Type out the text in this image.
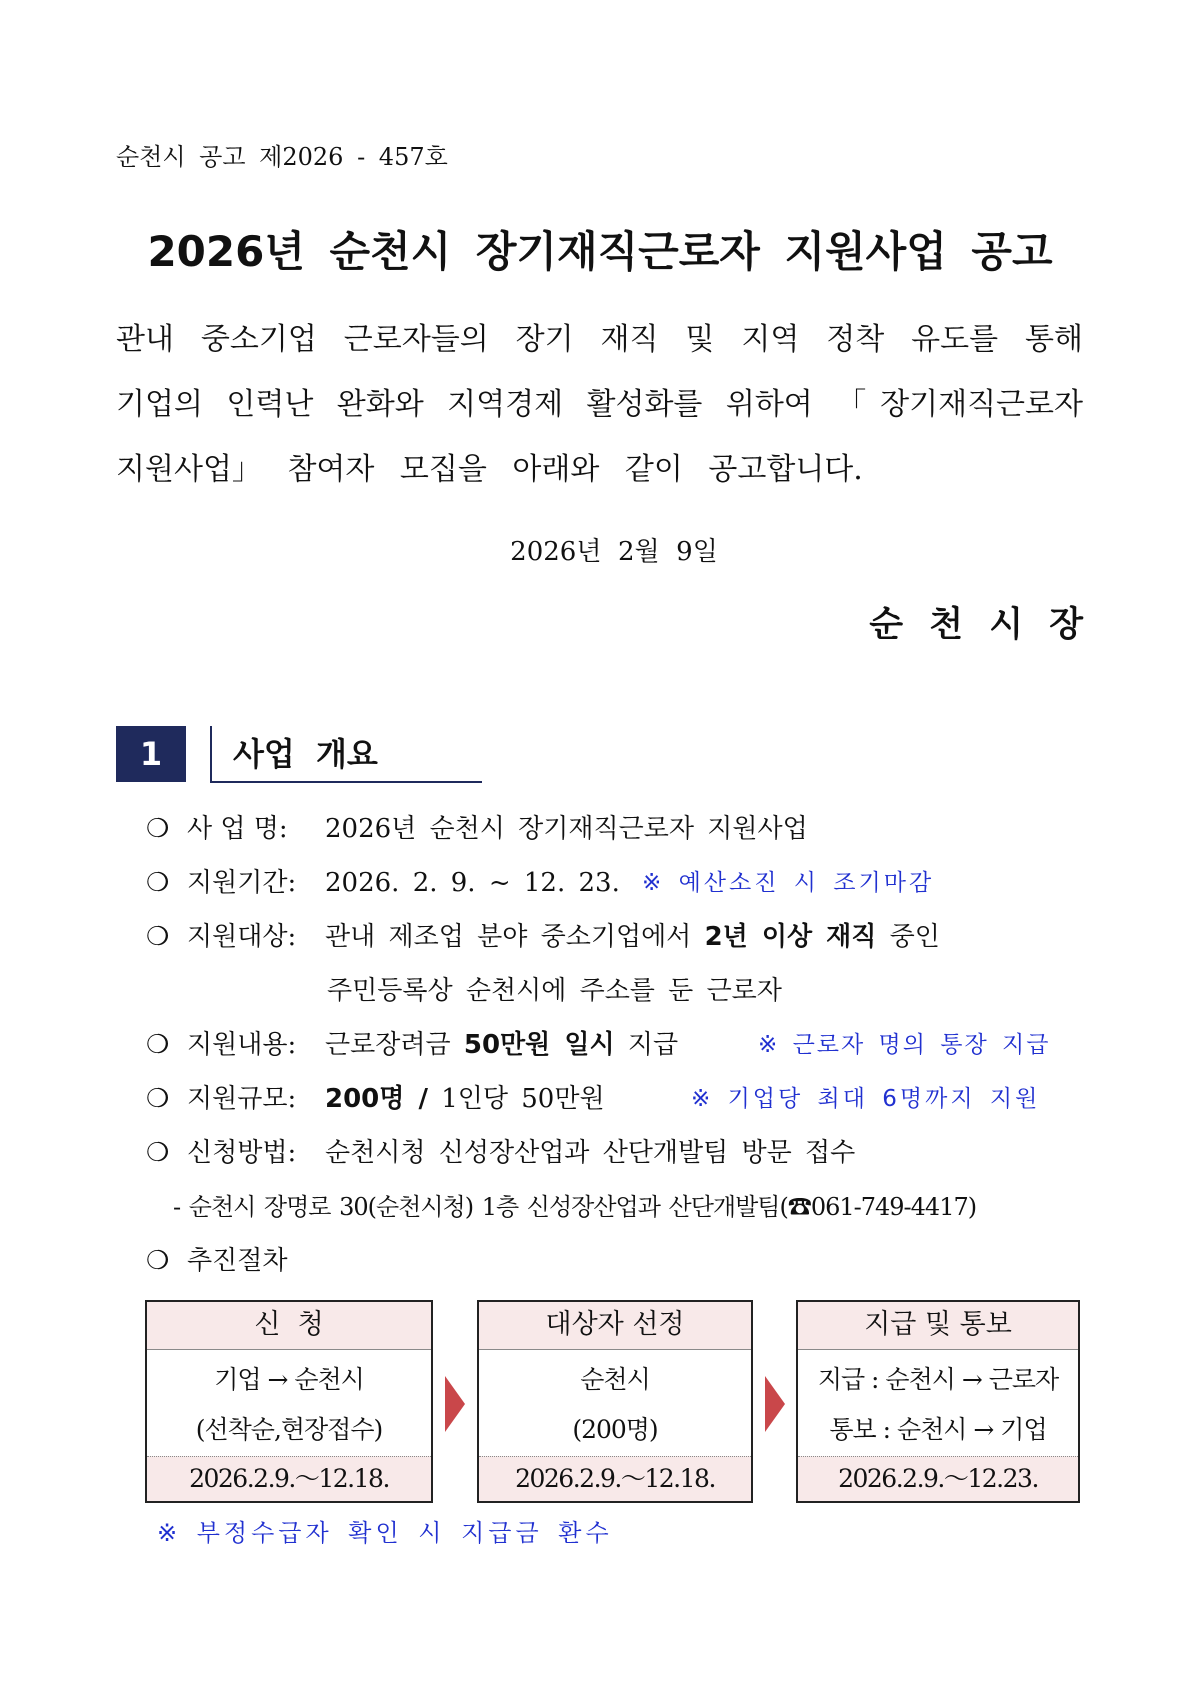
순천시 공고 제2026 - 457호
2026년 순천시 장기재직근로자 지원사업 공고
관내 중소기업 근로자들의 장기 재직 및 지역 정착 유도를 통해
기업의 인력난 완화와 지역경제 활성화를 위하여 「장기재직근로자
지원사업」 참여자 모집을 아래와 같이 공고합니다.
2026년  2월  9일
순 천 시 장
1	사업 개요
❍ 사 업 명: 2026년 순천시 장기재직근로자 지원사업
❍ 지원기간: 2026. 2. 9. ~ 12. 23. ※ 예산소진 시 조기마감
❍ 지원대상: 관내 제조업 분야 중소기업에서 2년 이상 재직 중인
주민등록상 순천시에 주소를 둔 근로자
❍ 지원내용: 근로장려금 50만원 일시 지급	※ 근로자 명의 통장 지급
❍ 지원규모: 200명 / 1인당 50만원	※ 기업당 최대 6명까지 지원
❍ 신청방법: 순천시청 신성장산업과 산단개발팀 방문 접수
- 순천시 장명로 30(순천시청) 1층 신성장산업과 산단개발팀(☎061-749-4417)
❍ 추진절차
신  청
기업 → 순천시
(선착순,현장접수)
2026.2.9.～12.18.
대상자 선정
순천시
(200명)
2026.2.9.～12.18.
지급 및 통보
지급 : 순천시 → 근로자
통보 : 순천시 → 기업
2026.2.9.～12.23.
※ 부정수급자 확인 시 지급금 환수
